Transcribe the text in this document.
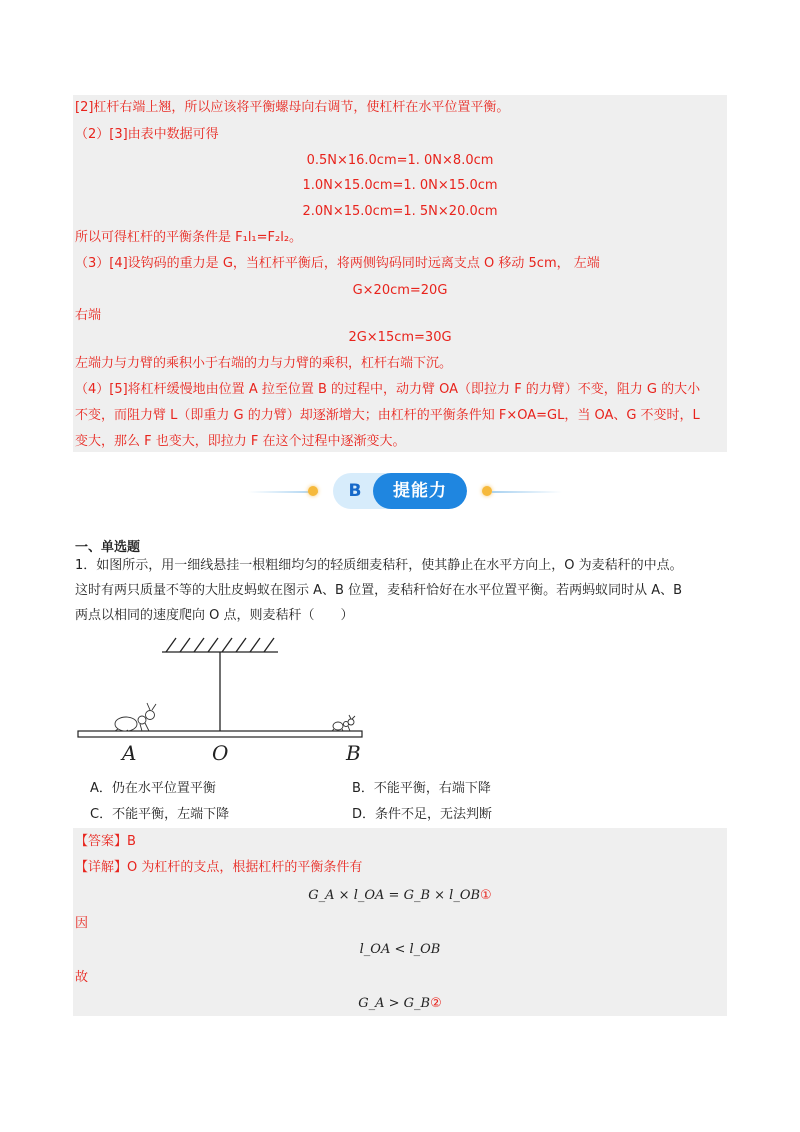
[2]杠杆右端上翘，所以应该将平衡螺母向右调节，使杠杆在水平位置平衡。
（2）[3]由表中数据可得
0.5N×16.0cm=1. 0N×8.0cm
1.0N×15.0cm=1. 0N×15.0cm
2.0N×15.0cm=1. 5N×20.0cm
所以可得杠杆的平衡条件是 F₁l₁=F₂l₂。
（3）[4]设钩码的重力是 G，当杠杆平衡后，将两侧钩码同时远离支点 O 移动 5cm， 左端
G×20cm=20G
右端
2G×15cm=30G
左端力与力臂的乘积小于右端的力与力臂的乘积，杠杆右端下沉。
（4）[5]将杠杆缓慢地由位置 A 拉至位置 B 的过程中，动力臂 OA（即拉力 F 的力臂）不变，阻力 G 的大小
不变，而阻力臂 L（即重力 G 的力臂）却逐渐增大；由杠杆的平衡条件知 F×OA=GL，当 OA、G 不变时，L
变大，那么 F 也变大，即拉力 F 在这个过程中逐渐变大。
B	提能力
一、单选题
1．如图所示，用一细线悬挂一根粗细均匀的轻质细麦秸秆，使其静止在水平方向上，O 为麦秸秆的中点。
这时有两只质量不等的大肚皮蚂蚁在图示 A、B 位置，麦秸秆恰好在水平位置平衡。若两蚂蚁同时从 A、B
两点以相同的速度爬向 O 点，则麦秸秆（　　）
A	O	B
A．仍在水平位置平衡	B．不能平衡，右端下降
C．不能平衡，左端下降	D．条件不足，无法判断
【答案】B
【详解】O 为杠杆的支点，根据杠杆的平衡条件有
G_A × l_OA = G_B × l_OB①
因
l_OA < l_OB
故
G_A > G_B②
